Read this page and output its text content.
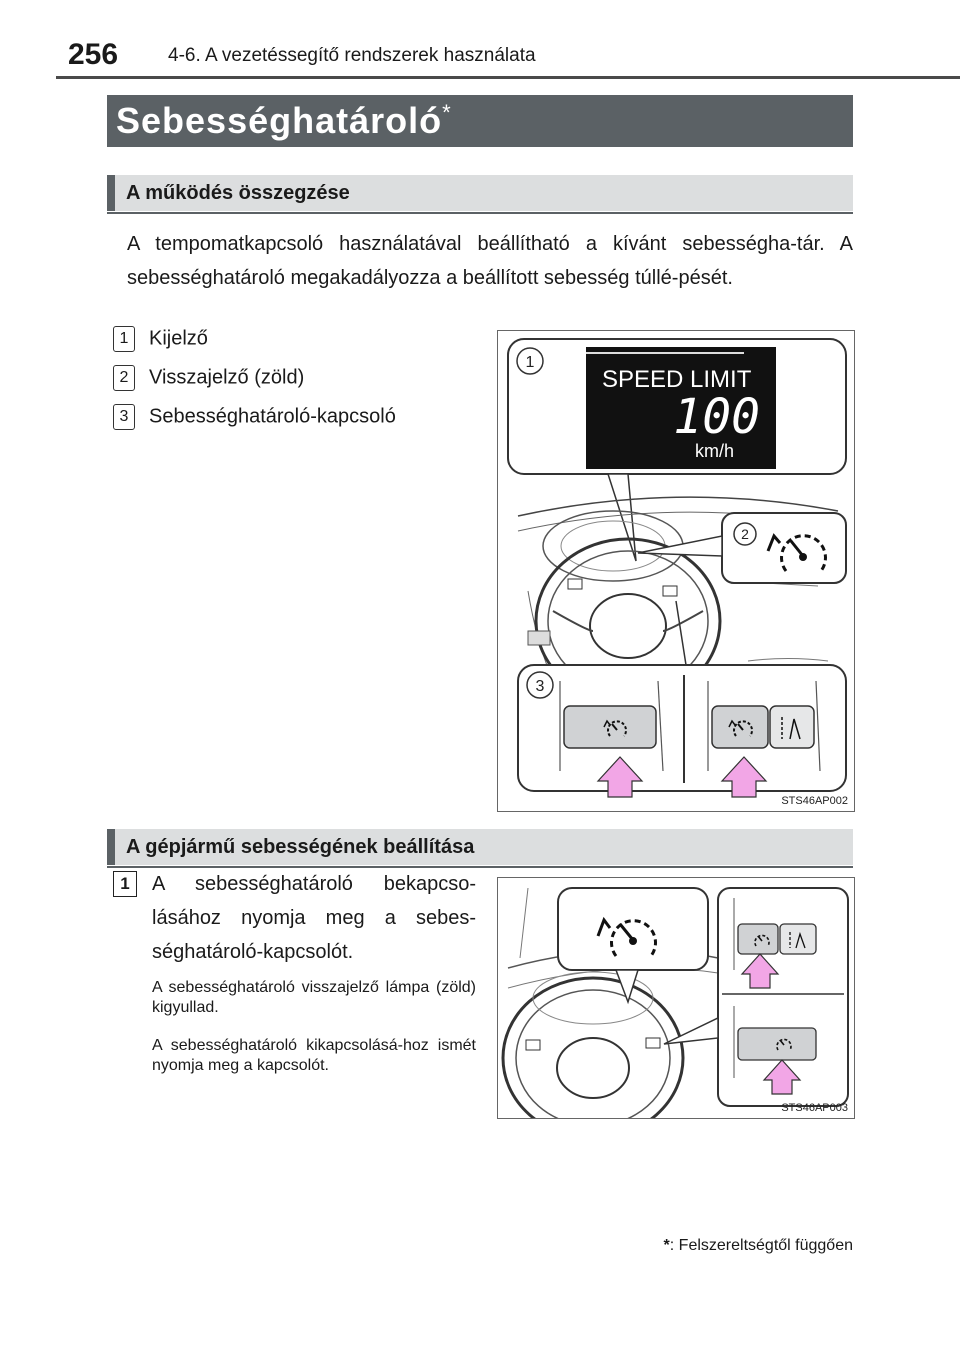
256	4-6. A vezetéssegítő rendszerek használata
Sebességhatároló*
A működés összegzése
A tempomatkapcsoló használatával beállítható a kívánt sebességha-tár. A sebességhatároló megakadályozza a beállított sebesség túllé-pését.
1 Kijelző
2 Visszajelző (zöld)
3 Sebességhatároló-kapcsoló
1
SPEED LIMIT
100
km/h
2
3
STS46AP002
A gépjármű sebességének beállítása
1	A sebességhatároló bekapcso-lásához nyomja meg a sebes-séghatároló-kapcsolót.
A sebességhatároló visszajelző lámpa (zöld) kigyullad.
A sebességhatároló kikapcsolásá-hoz ismét nyomja meg a kapcsolót.
STS46AP003
*: Felszereltségtől függően
